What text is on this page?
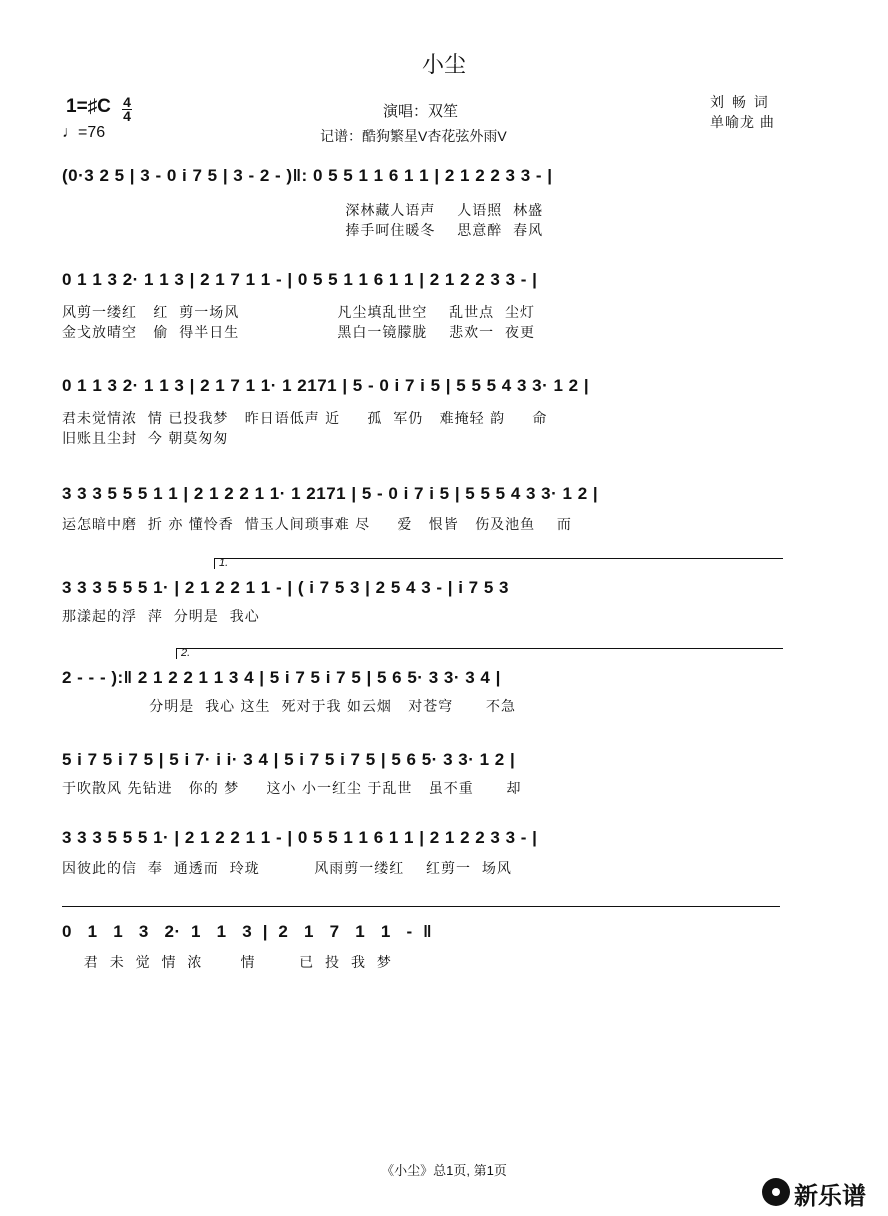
小尘
1=♯C 4
4
♩=76
演唱：双笙
记谱：酷狗繁星V杏花弦外雨V
刘 畅 词
单喻龙 曲
(0·3 2 5 | 3 - 0 i 7 5 | 3 - 2 - )‖: 0 5 5 1 1 6 1 1 | 2 1 2 2 3 3 - |
深林藏人语声    人语照  林盛
捧手呵住暖冬    思意醉  春风
0 1 1 3 2· 1 1 3 | 2 1 7 1 1 - | 0 5 5 1 1 6 1 1 | 2 1 2 2 3 3 - |
风剪一缕红   红  剪一场风                  凡尘填乱世空    乱世点  尘灯
金戈放晴空   偷  得半日生                  黑白一镜朦胧    悲欢一  夜更
0 1 1 3 2· 1 1 3 | 2 1 7 1 1· 1 2171 | 5 - 0 i 7 i 5 | 5 5 5 4 3 3· 1 2 |
君未觉情浓  情 已投我梦   昨日语低声 近     孤  军仍   难掩轻 韵     命
旧账且尘封  今 朝莫匆匆
3 3 3 5 5 5 1 1 | 2 1 2 2 1 1· 1 2171 | 5 - 0 i 7 i 5 | 5 5 5 4 3 3· 1 2 |
运怎暗中磨  折 亦 懂怜香  惜玉人间琐事难 尽     爱   恨皆   伤及池鱼    而
1.
3 3 3 5 5 5 1· | 2 1 2 2 1 1 - | ( i 7 5 3 | 2 5 4 3 - | i 7 5 3
那漾起的浮  萍  分明是  我心
2.
2 - - - ):‖ 2 1 2 2 1 1 3 4 | 5 i 7 5 i 7 5 | 5 6 5· 3 3· 3 4 |
分明是  我心 这生  死对于我 如云烟   对苍穹      不急
5 i 7 5 i 7 5 | 5 i 7· i i· 3 4 | 5 i 7 5 i 7 5 | 5 6 5· 3 3· 1 2 |
于吹散风 先钻进   你的 梦     这小 小一红尘 于乱世   虽不重      却
3 3 3 5 5 5 1· | 2 1 2 2 1 1 - | 0 5 5 1 1 6 1 1 | 2 1 2 2 3 3 - |
因彼此的信  奉  通透而  玲珑          风雨剪一缕红    红剪一  场风
0   1   1   3   2·  1   1   3  |  2   1   7   1   1   -  ‖
君  未  觉  情  浓       情        已  投  我  梦
《小尘》总1页, 第1页
新乐谱
